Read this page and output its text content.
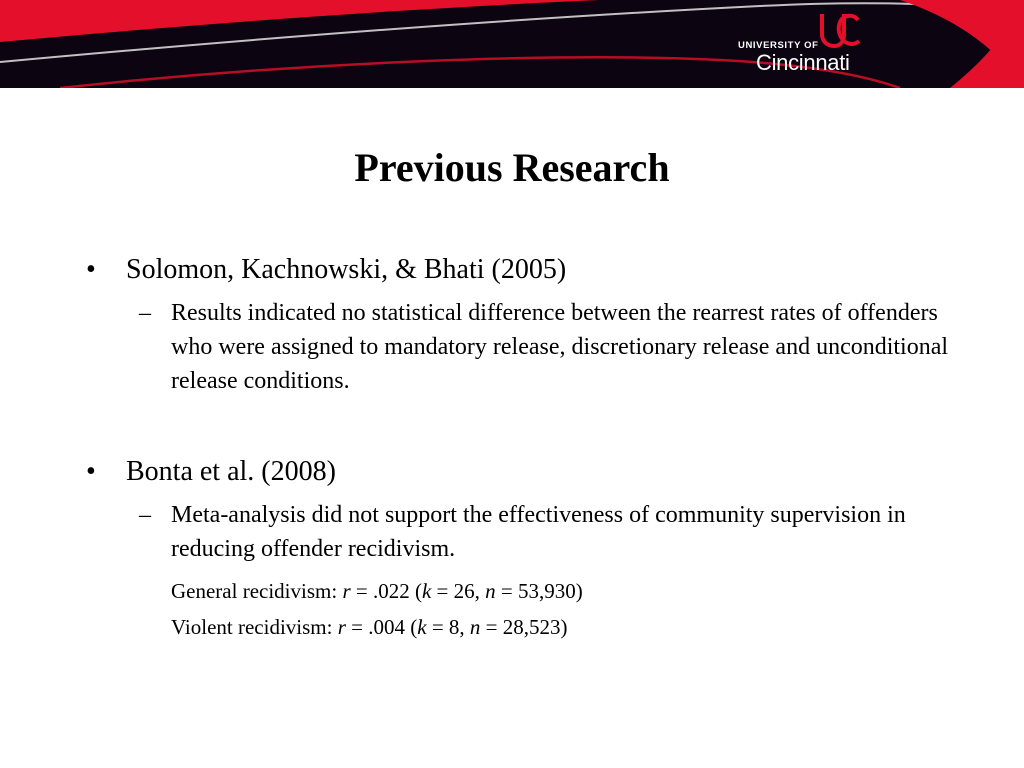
UNIVERSITY OF
Cincinnati
Previous Research
• Solomon, Kachnowski, & Bhati (2005)
– Results indicated no statistical difference between the rearrest rates of offenders who were assigned to mandatory release, discretionary release and unconditional release conditions.
• Bonta et al. (2008)
– Meta-analysis did not support the effectiveness of community supervision in reducing offender recidivism.
General recidivism: r = .022 (k = 26, n = 53,930)
Violent recidivism: r = .004 (k = 8, n = 28,523)
